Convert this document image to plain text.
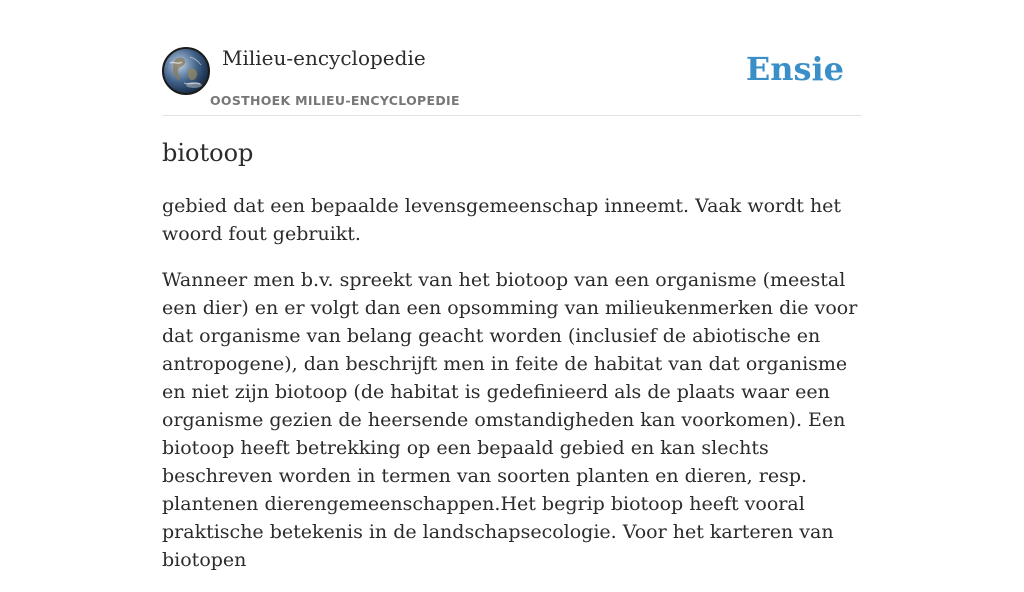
Milieu-encyclopedie
OOSTHOEK MILIEU-ENCYCLOPEDIE
Ensie
biotoop

gebied dat een bepaalde levensgemeenschap inneemt. Vaak wordt het woord fout gebruikt.

Wanneer men b.v. spreekt van het biotoop van een organisme (meestal een dier) en er volgt dan een opsomming van milieukenmerken die voor dat organisme van belang geacht worden (inclusief de abiotische en antropogene), dan beschrijft men in feite de habitat van dat organisme en niet zijn biotoop (de habitat is gedefinieerd als de plaats waar een organisme gezien de heersende omstandigheden kan voorkomen). Een biotoop heeft betrekking op een bepaald gebied en kan slechts beschreven worden in termen van soorten planten en dieren, resp. plantenen dierengemeenschappen.Het begrip biotoop heeft vooral praktische betekenis in de landschapsecologie. Voor het karteren van biotopen
